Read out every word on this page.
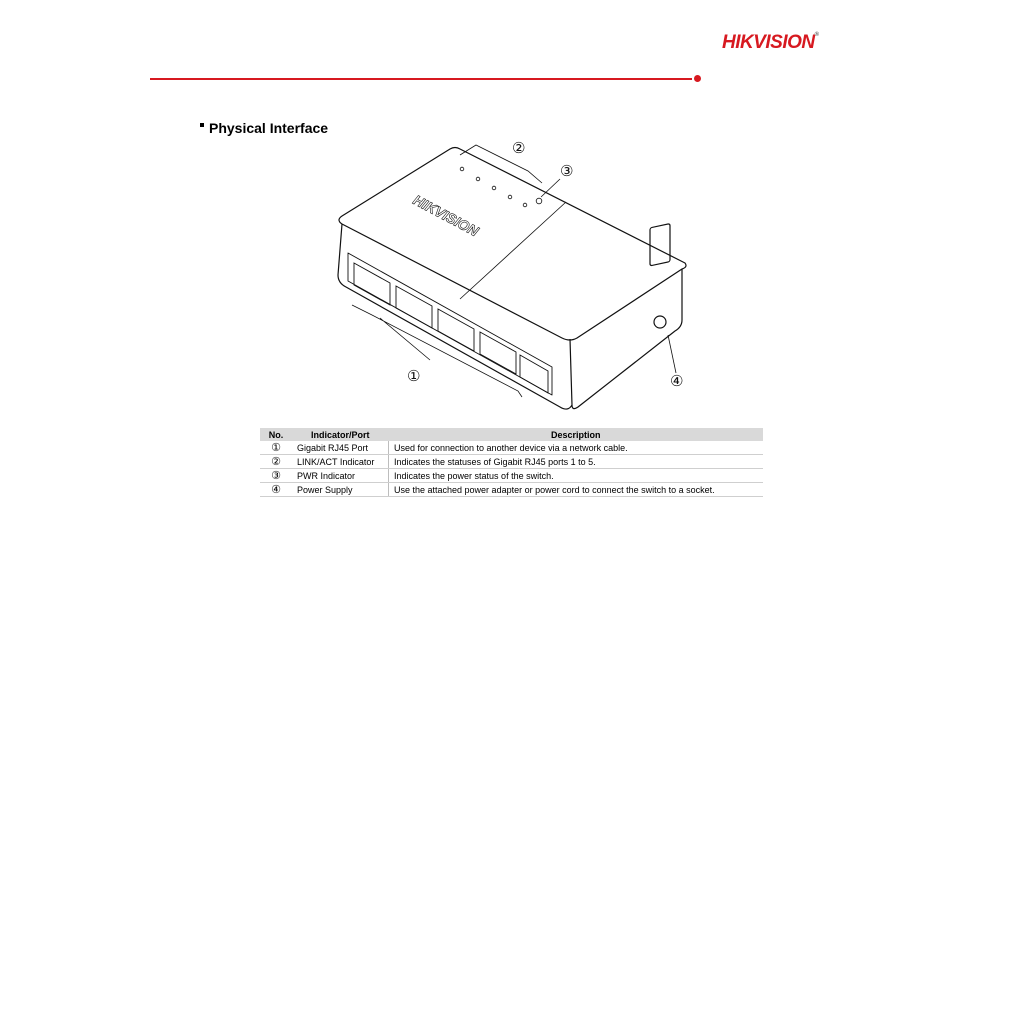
HIKVISION®
Physical Interface
HIKVISION
②
③
①	④
No.	Indicator/Port	Description
①	Gigabit RJ45 Port	Used for connection to another device via a network cable.
②	LINK/ACT Indicator	Indicates the statuses of Gigabit RJ45 ports 1 to 5.
③	PWR Indicator	Indicates the power status of the switch.
④	Power Supply	Use the attached power adapter or power cord to connect the switch to a socket.
